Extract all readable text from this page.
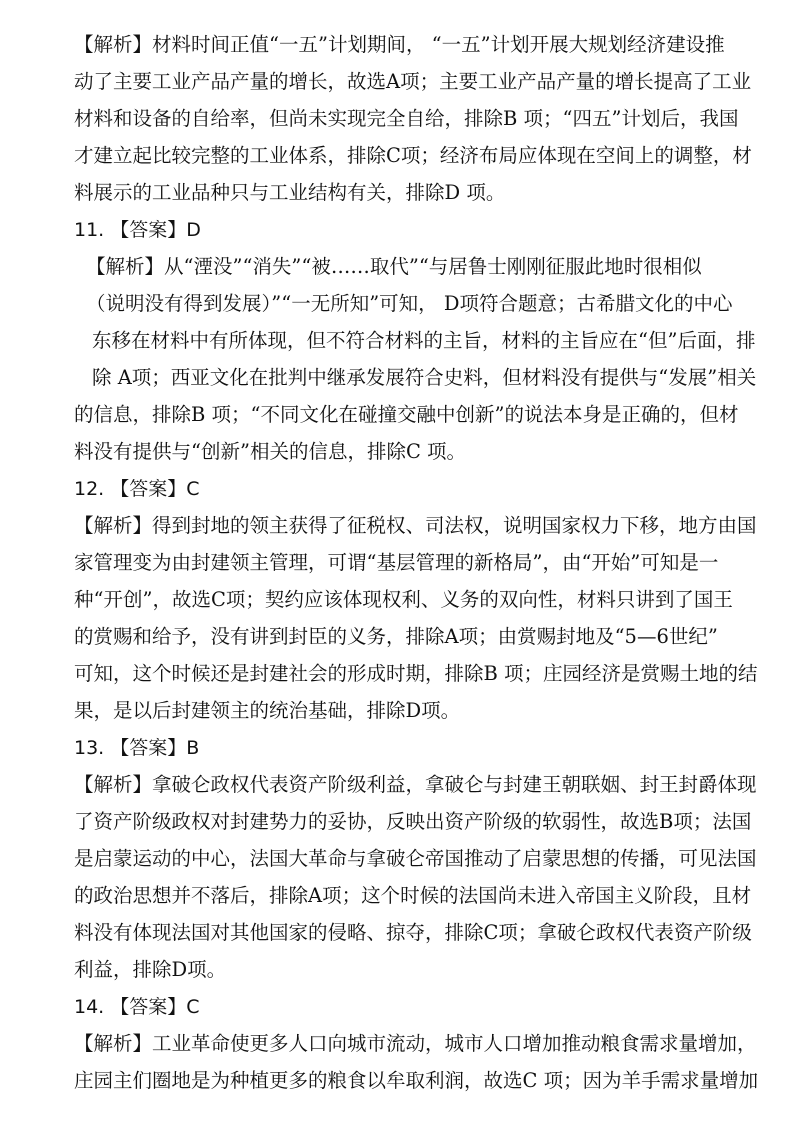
【解析】材料时间正值“一五”计划期间， “一五”计划开展大规划经济建设推
动了主要工业产品产量的增长，故选A项；主要工业产品产量的增长提高了工业
材料和设备的自给率，但尚未实现完全自给，排除B 项；“四五”计划后，我国
才建立起比较完整的工业体系，排除C项；经济布局应体现在空间上的调整，材
料展示的工业品种只与工业结构有关，排除D 项。
11. 【答案】D
【解析】从“湮没”“消失”“被……取代”“与居鲁士刚刚征服此地时很相似
（说明没有得到发展）”“一无所知”可知， D项符合题意；古希腊文化的中心
东移在材料中有所体现，但不符合材料的主旨，材料的主旨应在“但”后面，排
除 A项；西亚文化在批判中继承发展符合史料，但材料没有提供与“发展”相关
的信息，排除B 项；“不同文化在碰撞交融中创新”的说法本身是正确的，但材
料没有提供与“创新”相关的信息，排除C 项。
12. 【答案】C
【解析】得到封地的领主获得了征税权、司法权，说明国家权力下移，地方由国
家管理变为由封建领主管理，可谓“基层管理的新格局”，由“开始”可知是一
种“开创”，故选C项；契约应该体现权利、义务的双向性，材料只讲到了国王
的赏赐和给予，没有讲到封臣的义务，排除A项；由赏赐封地及“5—6世纪”
可知，这个时候还是封建社会的形成时期，排除B 项；庄园经济是赏赐土地的结
果，是以后封建领主的统治基础，排除D项。
13. 【答案】B
【解析】拿破仑政权代表资产阶级利益，拿破仑与封建王朝联姻、封王封爵体现
了资产阶级政权对封建势力的妥协，反映出资产阶级的软弱性，故选B项；法国
是启蒙运动的中心，法国大革命与拿破仑帝国推动了启蒙思想的传播，可见法国
的政治思想并不落后，排除A项；这个时候的法国尚未进入帝国主义阶段，且材
料没有体现法国对其他国家的侵略、掠夺，排除C项；拿破仑政权代表资产阶级
利益，排除D项。
14. 【答案】C
【解析】工业革命使更多人口向城市流动，城市人口增加推动粮食需求量增加，
庄园主们圈地是为种植更多的粮食以牟取利润，故选C 项；因为羊手需求量增加
